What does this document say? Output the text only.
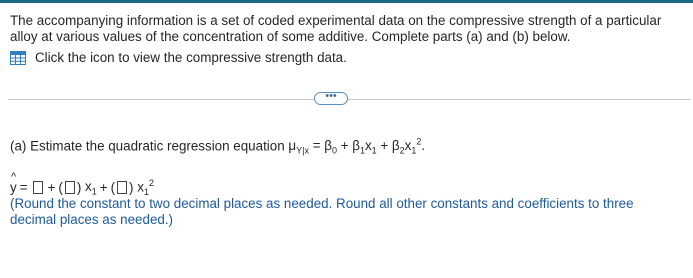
The accompanying information is a set of coded experimental data on the compressive strength of a particular alloy at various values of the concentration of some additive. Complete parts (a) and (b) below.
Click the icon to view the compressive strength data.
•••
(a) Estimate the quadratic regression equation $\mu_{Y|x} = \beta_0 + \beta_1x_1 + \beta_2x_1^2$.
^
y = + ( ) $x_1$ + ( ) $x_1^2$
(Round the constant to two decimal places as needed. Round all other constants and coefficients to three decimal places as needed.)
